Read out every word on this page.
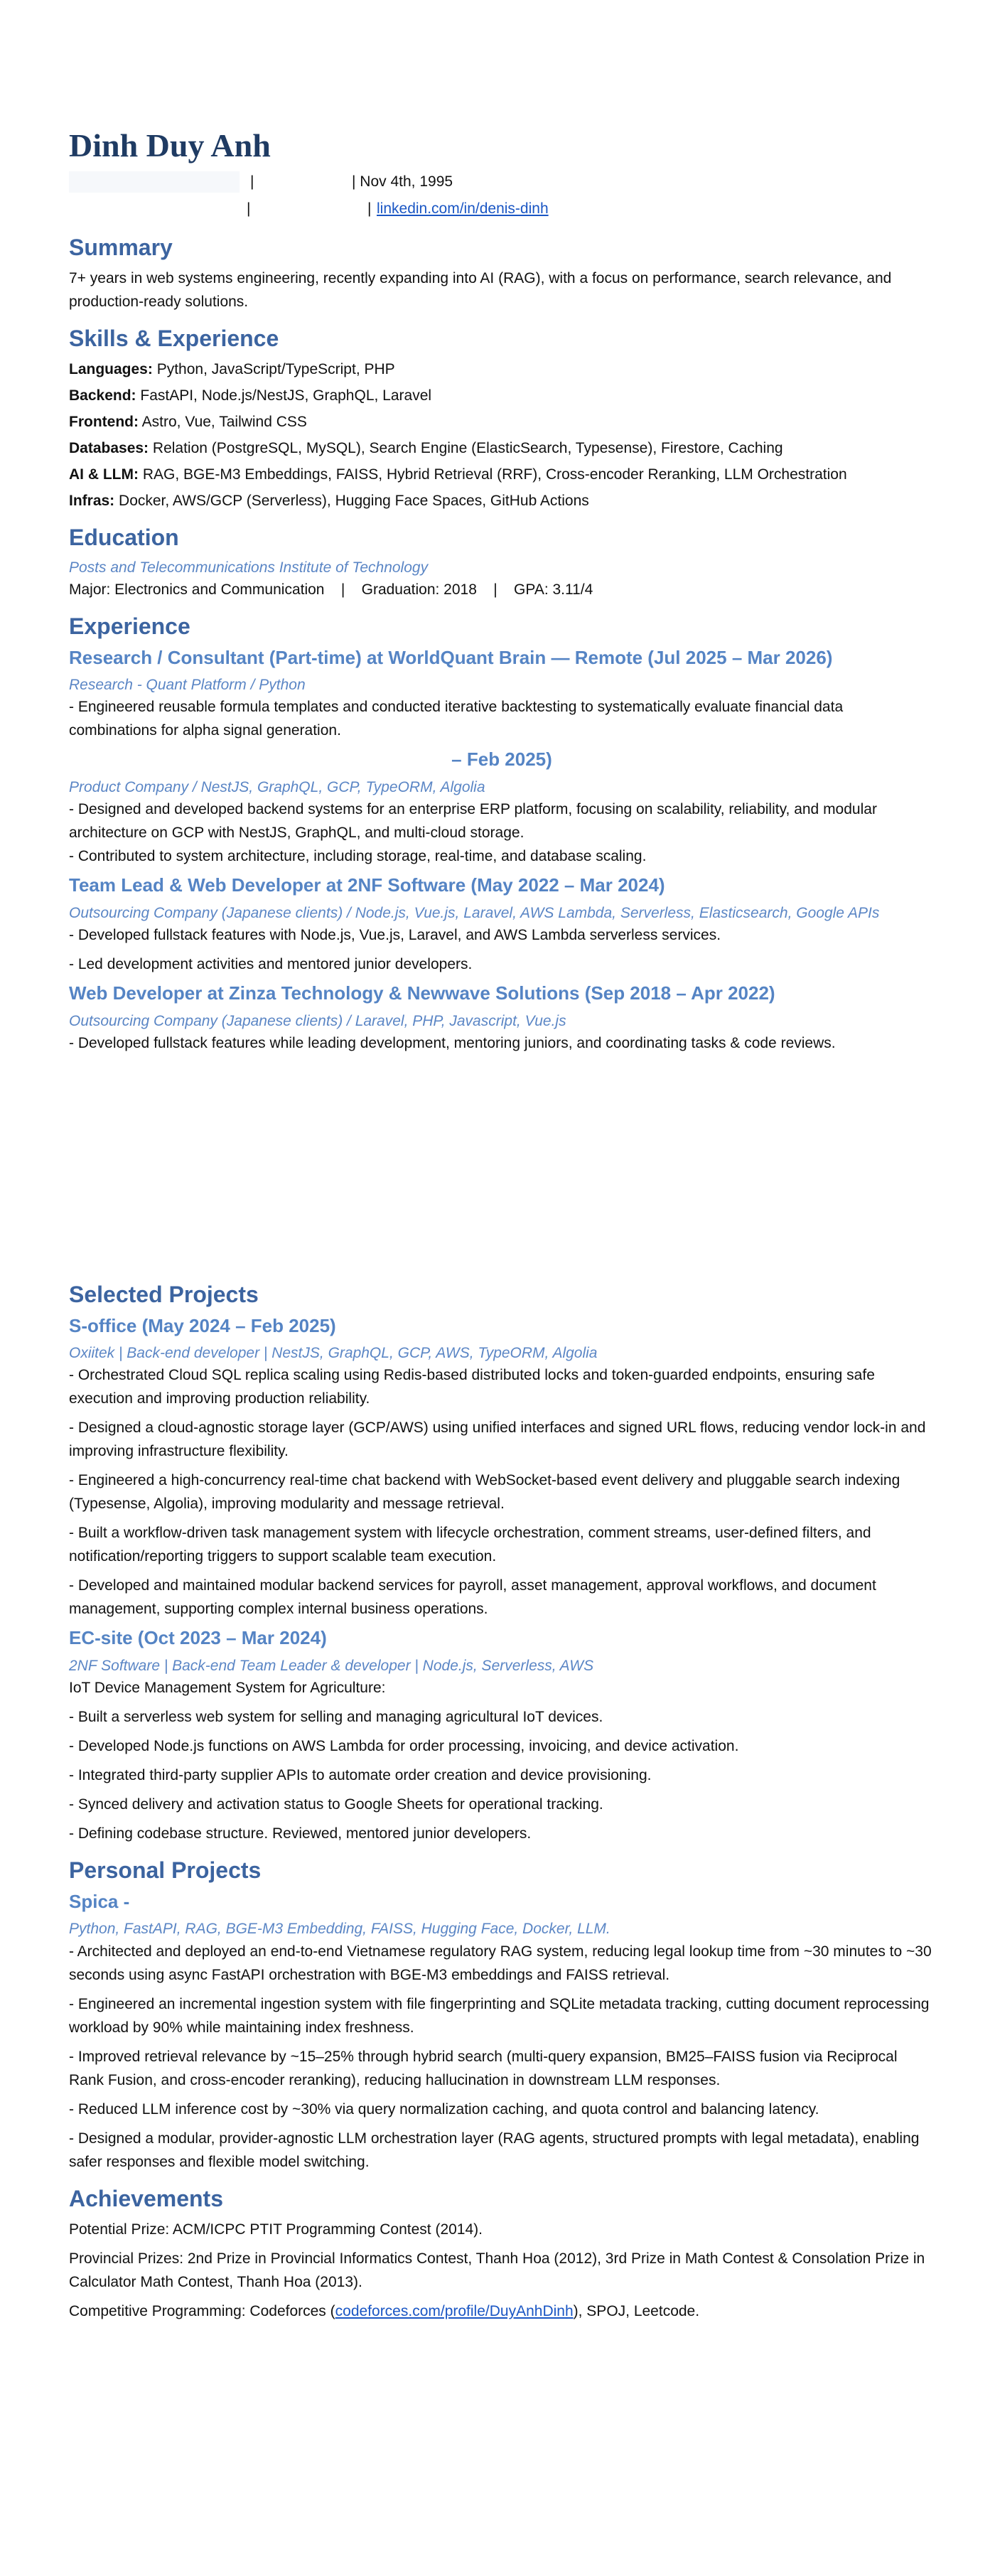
Dinh Duy Anh
|	| Nov 4th, 1995
|	| linkedin.com/in/denis-dinh
Summary

7+ years in web systems engineering, recently expanding into AI (RAG), with a focus on performance, search relevance, and production-ready solutions.

Skills & Experience

Languages: Python, JavaScript/TypeScript, PHP

Backend: FastAPI, Node.js/NestJS, GraphQL, Laravel

Frontend: Astro, Vue, Tailwind CSS

Databases: Relation (PostgreSQL, MySQL), Search Engine (ElasticSearch, Typesense), Firestore, Caching

AI & LLM: RAG, BGE-M3 Embeddings, FAISS, Hybrid Retrieval (RRF), Cross-encoder Reranking, LLM Orchestration

Infras: Docker, AWS/GCP (Serverless), Hugging Face Spaces, GitHub Actions

Education
Posts and Telecommunications Institute of Technology

Major: Electronics and Communication    |    Graduation: 2018    |    GPA: 3.11/4

Experience
Research / Consultant (Part-time) at WorldQuant Brain — Remote (Jul 2025 – Mar 2026)
Research - Quant Platform / Python

- Engineered reusable formula templates and conducted iterative backtesting to systematically evaluate financial data combinations for alpha signal generation.

– Feb 2025)
Product Company / NestJS, GraphQL, GCP, TypeORM, Algolia

- Designed and developed backend systems for an enterprise ERP platform, focusing on scalability, reliability, and modular architecture on GCP with NestJS, GraphQL, and multi-cloud storage.

- Contributed to system architecture, including storage, real-time, and database scaling.

Team Lead & Web Developer at 2NF Software (May 2022 – Mar 2024)
Outsourcing Company (Japanese clients) / Node.js, Vue.js, Laravel, AWS Lambda, Serverless, Elasticsearch, Google APIs

- Developed fullstack features with Node.js, Vue.js, Laravel, and AWS Lambda serverless services.

- Led development activities and mentored junior developers.

Web Developer at Zinza Technology & Newwave Solutions (Sep 2018 – Apr 2022)
Outsourcing Company (Japanese clients) / Laravel, PHP, Javascript, Vue.js

- Developed fullstack features while leading development, mentoring juniors, and coordinating tasks & code reviews.

Selected Projects
S-office (May 2024 – Feb 2025)
Oxiitek | Back-end developer | NestJS, GraphQL, GCP, AWS, TypeORM, Algolia

- Orchestrated Cloud SQL replica scaling using Redis-based distributed locks and token-guarded endpoints, ensuring safe execution and improving production reliability.

- Designed a cloud-agnostic storage layer (GCP/AWS) using unified interfaces and signed URL flows, reducing vendor lock-in and improving infrastructure flexibility.

- Engineered a high-concurrency real-time chat backend with WebSocket-based event delivery and pluggable search indexing (Typesense, Algolia), improving modularity and message retrieval.

- Built a workflow-driven task management system with lifecycle orchestration, comment streams, user-defined filters, and notification/reporting triggers to support scalable team execution.

- Developed and maintained modular backend services for payroll, asset management, approval workflows, and document management, supporting complex internal business operations.

EC-site (Oct 2023 – Mar 2024)
2NF Software | Back-end Team Leader & developer | Node.js, Serverless, AWS

IoT Device Management System for Agriculture:

- Built a serverless web system for selling and managing agricultural IoT devices.

- Developed Node.js functions on AWS Lambda for order processing, invoicing, and device activation.

- Integrated third-party supplier APIs to automate order creation and device provisioning.

- Synced delivery and activation status to Google Sheets for operational tracking.

- Defining codebase structure. Reviewed, mentored junior developers.

Personal Projects
Spica -
Python, FastAPI, RAG, BGE-M3 Embedding, FAISS, Hugging Face, Docker, LLM.

- Architected and deployed an end-to-end Vietnamese regulatory RAG system, reducing legal lookup time from ~30 minutes to ~30 seconds using async FastAPI orchestration with BGE-M3 embeddings and FAISS retrieval.

- Engineered an incremental ingestion system with file fingerprinting and SQLite metadata tracking, cutting document reprocessing workload by 90% while maintaining index freshness.

- Improved retrieval relevance by ~15–25% through hybrid search (multi-query expansion, BM25–FAISS fusion via Reciprocal Rank Fusion, and cross-encoder reranking), reducing hallucination in downstream LLM responses.

- Reduced LLM inference cost by ~30% via query normalization caching, and quota control and balancing latency.

- Designed a modular, provider-agnostic LLM orchestration layer (RAG agents, structured prompts with legal metadata), enabling safer responses and flexible model switching.

Achievements

Potential Prize: ACM/ICPC PTIT Programming Contest (2014).

Provincial Prizes: 2nd Prize in Provincial Informatics Contest, Thanh Hoa (2012), 3rd Prize in Math Contest & Consolation Prize in Calculator Math Contest, Thanh Hoa (2013).

Competitive Programming: Codeforces (codeforces.com/profile/DuyAnhDinh), SPOJ, Leetcode.
